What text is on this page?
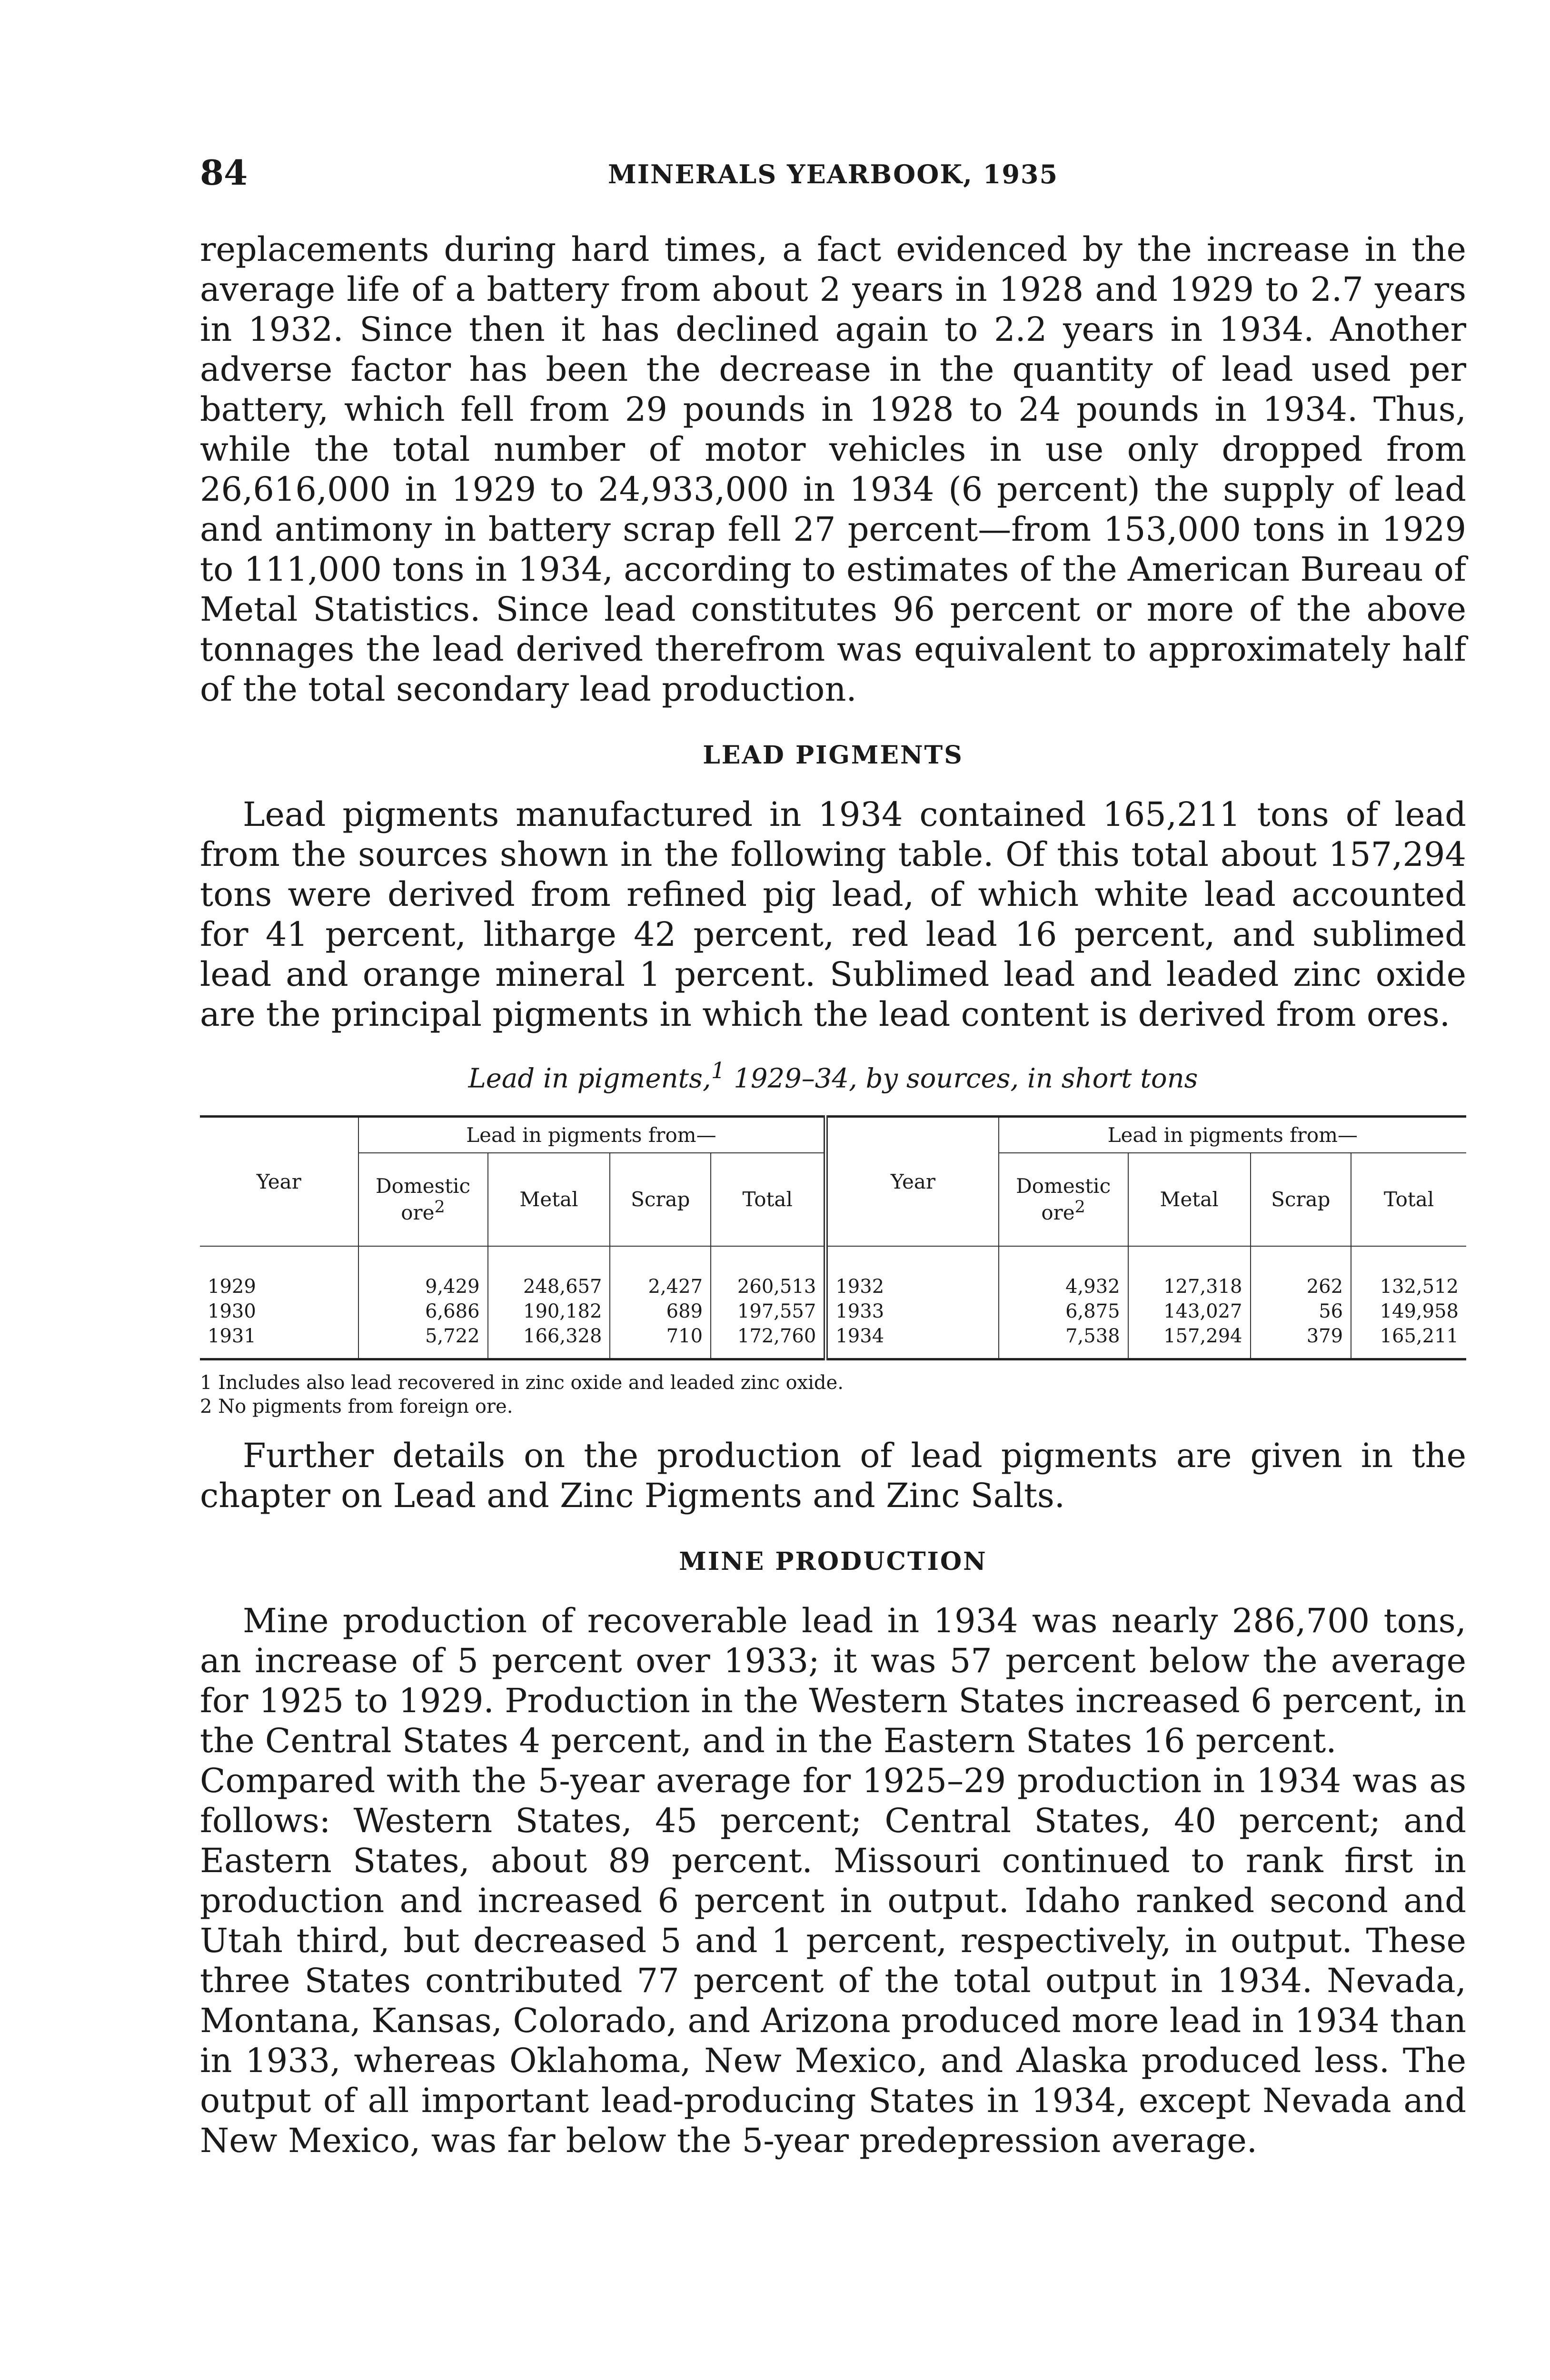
84	MINERALS YEARBOOK, 1935

replacements during hard times, a fact evidenced by the increase in the average life of a battery from about 2 years in 1928 and 1929 to 2.7 years in 1932. Since then it has declined again to 2.2 years in 1934. Another adverse factor has been the decrease in the quantity of lead used per battery, which fell from 29 pounds in 1928 to 24 pounds in 1934. Thus, while the total number of motor vehicles in use only dropped from 26,616,000 in 1929 to 24,933,000 in 1934 (6 percent) the supply of lead and antimony in battery scrap fell 27 percent—from 153,000 tons in 1929 to 111,000 tons in 1934, according to estimates of the American Bureau of Metal Statistics. Since lead constitutes 96 percent or more of the above tonnages the lead derived therefrom was equivalent to approximately half of the total secondary lead production.

LEAD PIGMENTS

Lead pigments manufactured in 1934 contained 165,211 tons of lead from the sources shown in the following table. Of this total about 157,294 tons were derived from refined pig lead, of which white lead accounted for 41 percent, litharge 42 percent, red lead 16 percent, and sublimed lead and orange mineral 1 percent. Sublimed lead and leaded zinc oxide are the principal pigments in which the lead content is derived from ores.

Lead in pigments,$^1$ 1929–34, by sources, in short tons
Year	Lead in pigments from—				Year	Lead in pigments from—			
	Domestic ore$^2$	Metal	Scrap	Total		Domestic ore$^2$	Metal	Scrap	Total
1929	9,429	248,657	2,427	260,513	1932	4,932	127,318	262	132,512
1930	6,686	190,182	689	197,557	1933	6,875	143,027	56	149,958
1931	5,722	166,328	710	172,760	1934	7,538	157,294	379	165,211
1 Includes also lead recovered in zinc oxide and leaded zinc oxide.
2 No pigments from foreign ore.

Further details on the production of lead pigments are given in the chapter on Lead and Zinc Pigments and Zinc Salts.

MINE PRODUCTION

Mine production of recoverable lead in 1934 was nearly 286,700 tons, an increase of 5 percent over 1933; it was 57 percent below the average for 1925 to 1929. Production in the Western States increased 6 percent, in the Central States 4 percent, and in the Eastern States 16 percent.

Compared with the 5-year average for 1925–29 production in 1934 was as follows: Western States, 45 percent; Central States, 40 percent; and Eastern States, about 89 percent. Missouri continued to rank first in production and increased 6 percent in output. Idaho ranked second and Utah third, but decreased 5 and 1 percent, respectively, in output. These three States contributed 77 percent of the total output in 1934. Nevada, Montana, Kansas, Colorado, and Arizona produced more lead in 1934 than in 1933, whereas Oklahoma, New Mexico, and Alaska produced less. The output of all important lead-producing States in 1934, except Nevada and New Mexico, was far below the 5-year predepression average.
